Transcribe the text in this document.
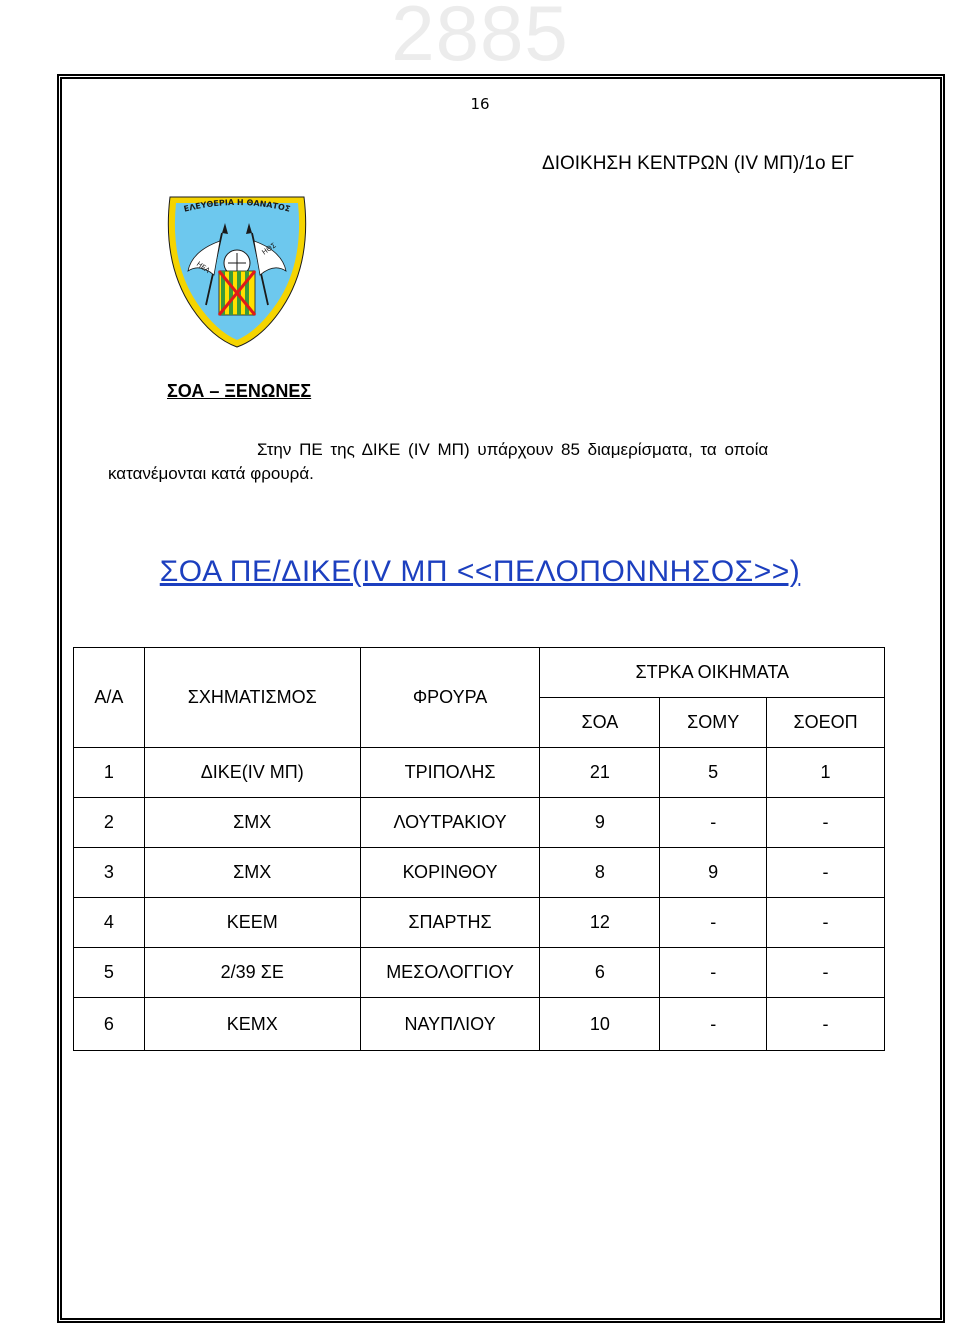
2885
16
ΔΙΟΙΚΗΣΗ ΚΕΝΤΡΩΝ (IV ΜΠ)/1ο ΕΓ
ΕΛΕΥΘΕΡΙΑ Η ΘΑΝΑΤΟΣ
ΗΕΑ
ΗΘΣ
ΣΟΑ – ΞΕΝΩΝΕΣ
Στην ΠΕ της ΔΙΚΕ (IV ΜΠ) υπάρχουν 85 διαμερίσματα, τα οποία
κατανέμονται κατά φρουρά.
ΣΟΑ ΠΕ/ΔΙΚΕ(IV ΜΠ <<ΠΕΛΟΠΟΝΝΗΣΟΣ>>)
Α/Α	ΣΧΗΜΑΤΙΣΜΟΣ	ΦΡΟΥΡΑ	ΣΤΡΚΑ ΟΙΚΗΜΑΤΑ		
			ΣΟΑ	ΣΟΜΥ	ΣΟΕΟΠ
1	ΔΙΚΕ(IV ΜΠ)	ΤΡΙΠΟΛΗΣ	21	5	1
2	ΣΜΧ	ΛΟΥΤΡΑΚΙΟΥ	9	-	-
3	ΣΜΧ	ΚΟΡΙΝΘΟΥ	8	9	-
4	ΚΕΕΜ	ΣΠΑΡΤΗΣ	12	-	-
5	2/39 ΣΕ	ΜΕΣΟΛΟΓΓΙΟΥ	6	-	-
6	ΚΕΜΧ	ΝΑΥΠΛΙΟΥ	10	-	-
